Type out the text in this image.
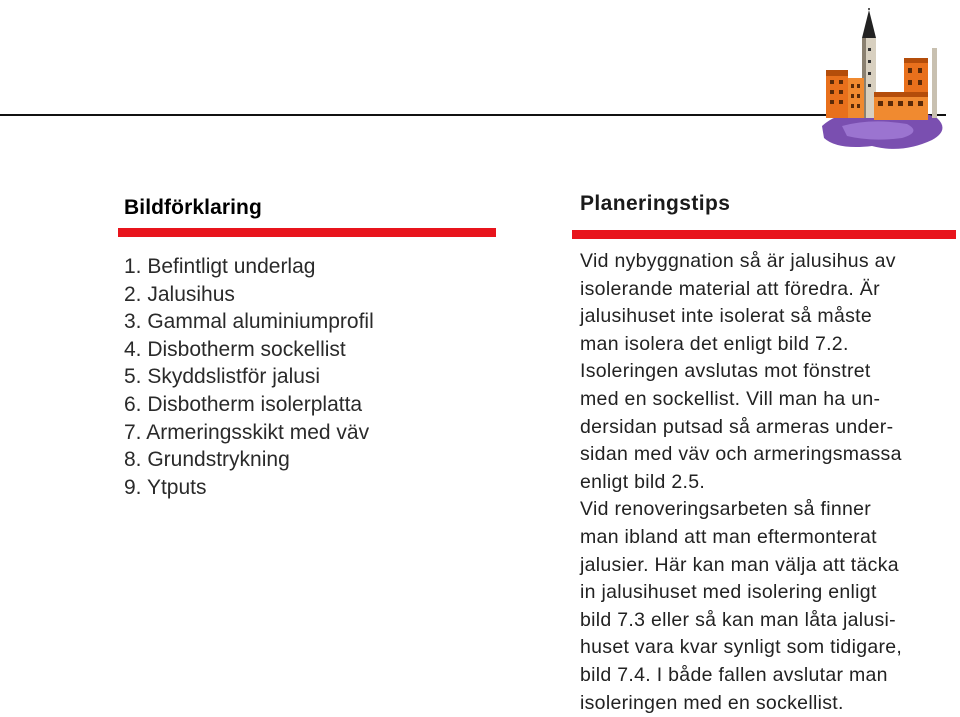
Bildförklaring
1. Befintligt underlag
2. Jalusihus
3. Gammal aluminiumprofil
4. Disbotherm sockellist
5. Skyddslistför jalusi
6. Disbotherm isolerplatta
7. Armeringsskikt med väv
8. Grundstrykning
9. Ytputs
Planeringstips
Vid nybyggnation så är jalusihus av
isolerande material att föredra. Är
jalusihuset inte isolerat så måste
man isolera det enligt bild 7.2.
Isoleringen avslutas mot fönstret
med en sockellist. Vill man ha un-
dersidan putsad så armeras under-
sidan med väv och armeringsmassa
enligt bild 2.5.
Vid renoveringsarbeten så finner
man ibland att man eftermonterat
jalusier. Här kan man välja att täcka
in jalusihuset med isolering enligt
bild 7.3 eller så kan man låta jalusi-
huset vara kvar synligt som tidigare,
bild 7.4. I både fallen avslutar man
isoleringen med en sockellist.
